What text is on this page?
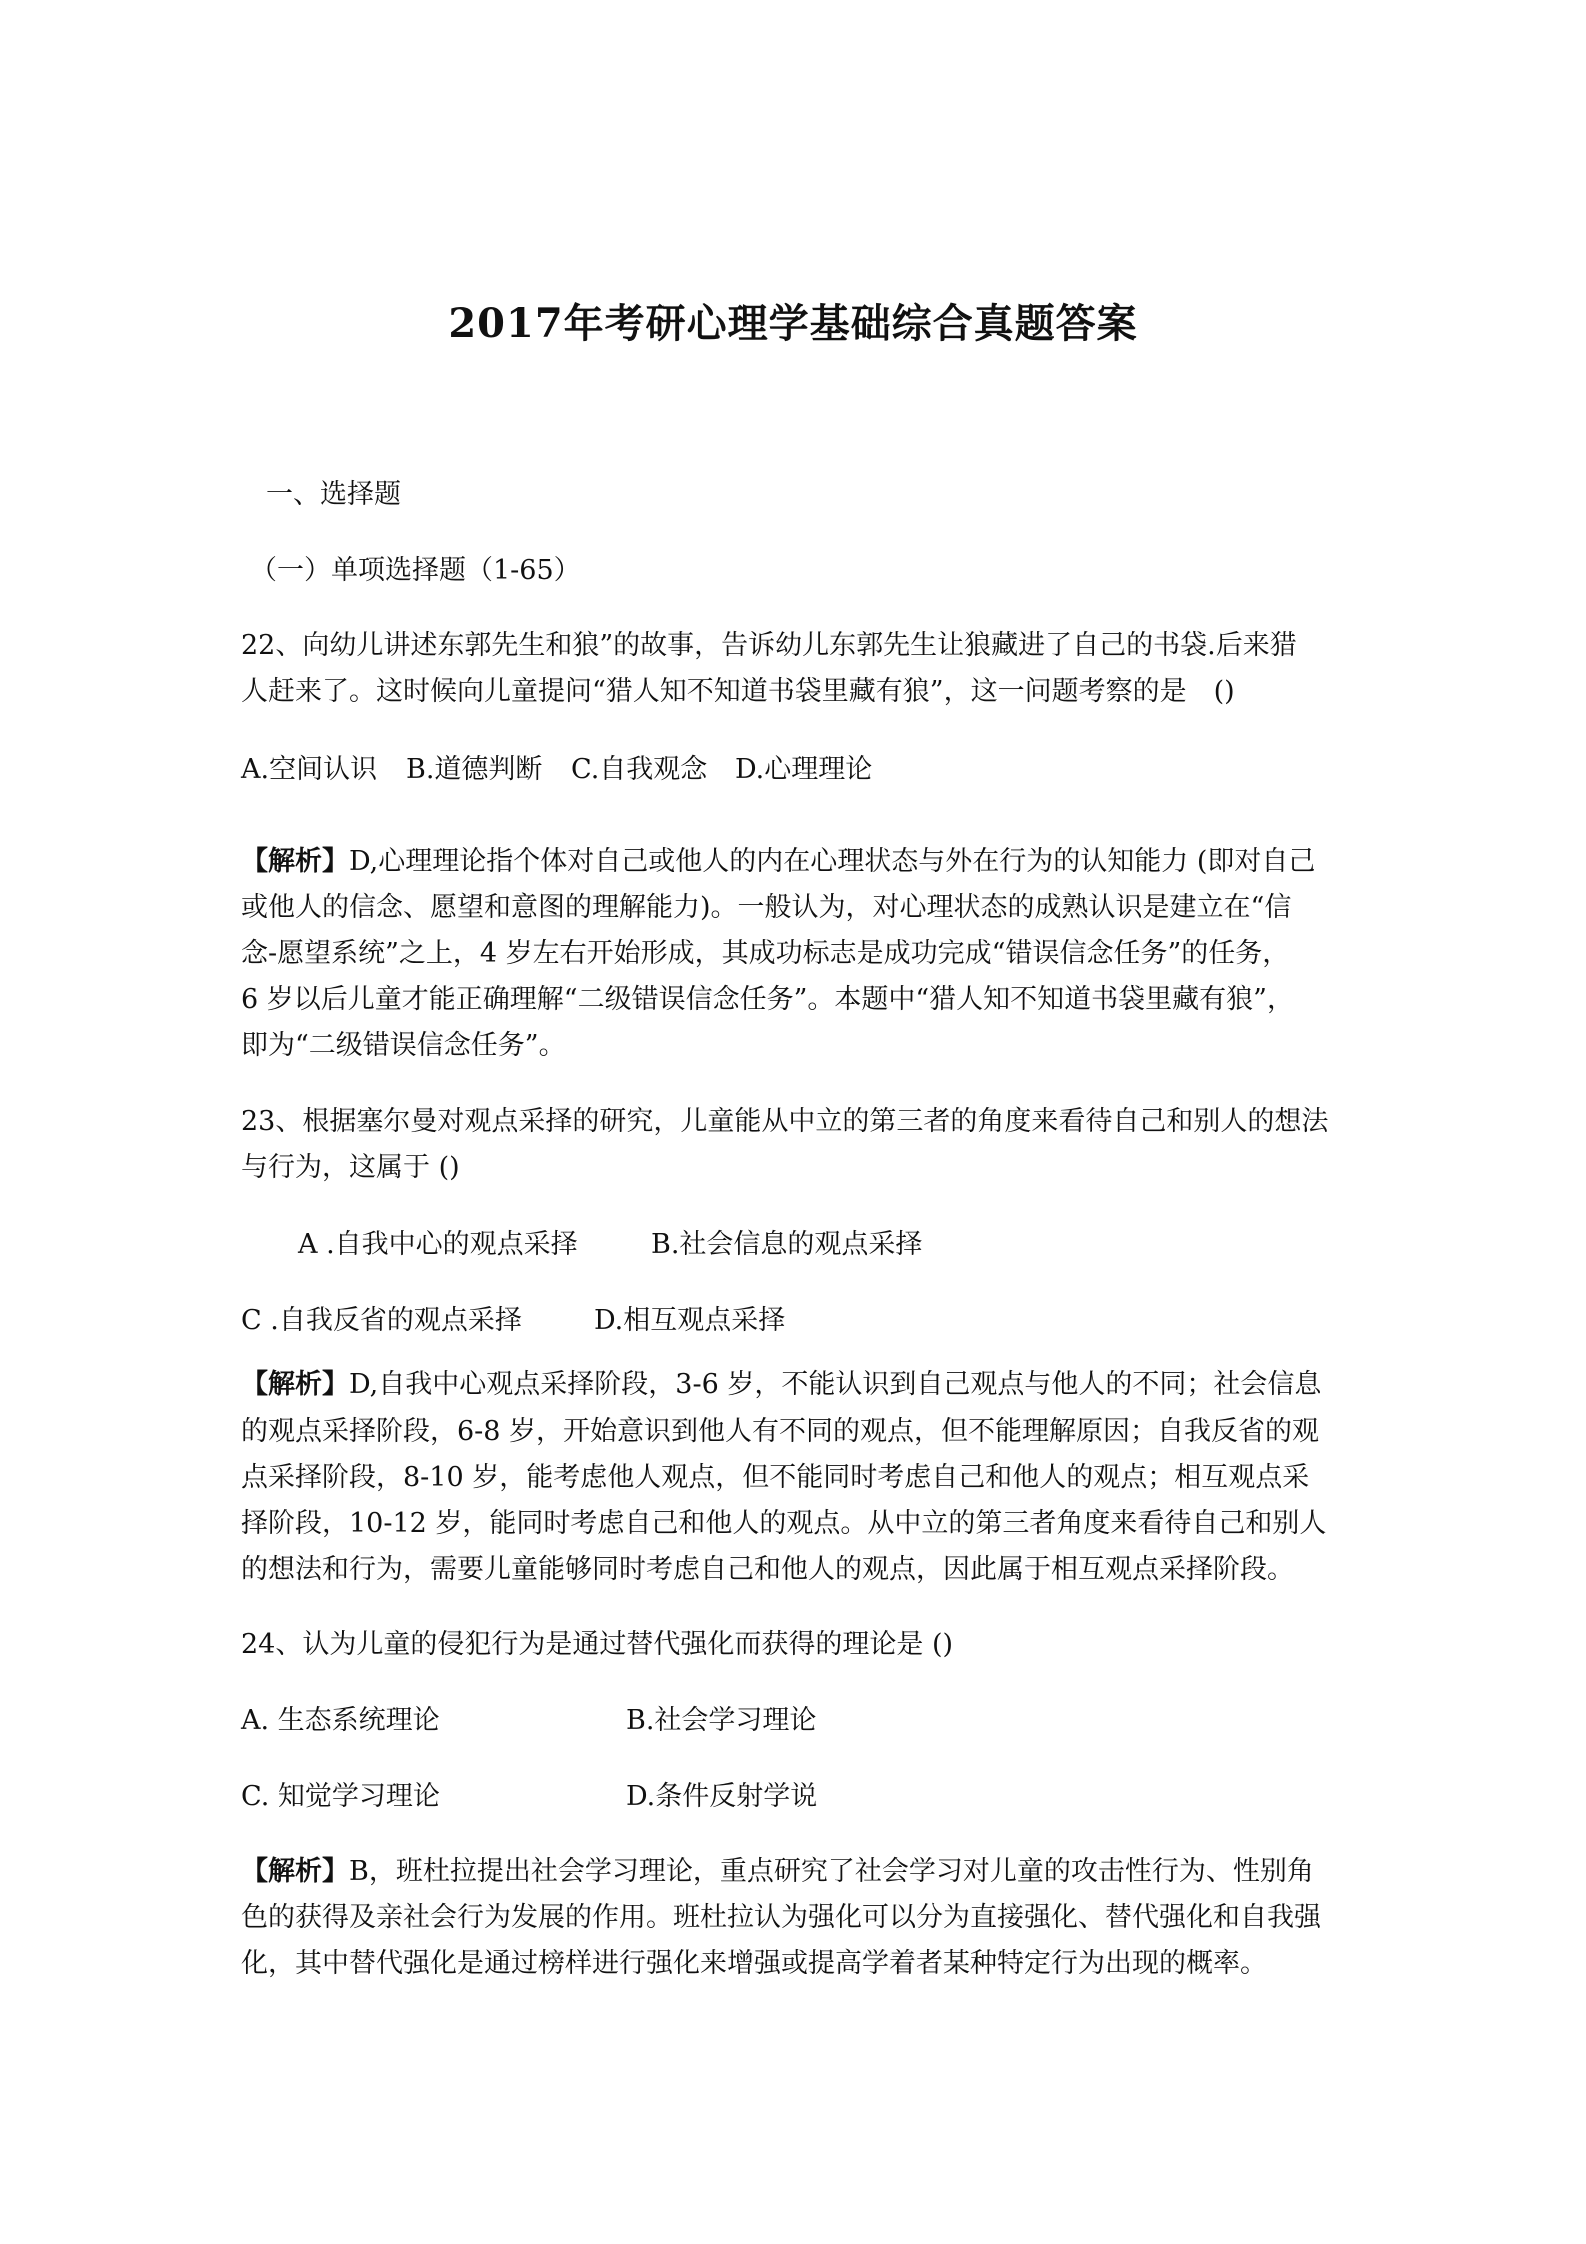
2017年考研心理学基础综合真题答案
一、选择题
（一）单项选择题（1-65）
22、向幼儿讲述东郭先生和狼”的故事，告诉幼儿东郭先生让狼藏进了自己的书袋.后来猎
人赶来了。这时候向儿童提问“猎人知不知道书袋里藏有狼”，这一问题考察的是　()
A.空间认识 B.道德判断 C.自我观念 D.心理理论
【解析】D,心理理论指个体对自己或他人的内在心理状态与外在行为的认知能力 (即对自己
或他人的信念、愿望和意图的理解能力)。一般认为，对心理状态的成熟认识是建立在“信
念-愿望系统”之上，4 岁左右开始形成，其成功标志是成功完成“错误信念任务”的任务，
6 岁以后儿童才能正确理解“二级错误信念任务”。本题中“猎人知不知道书袋里藏有狼”，
即为“二级错误信念任务”。
23、根据塞尔曼对观点采择的研究，儿童能从中立的第三者的角度来看待自己和别人的想法
与行为，这属于 ()
A .自我中心的观点采择	B.社会信息的观点采择
C .自我反省的观点采择	D.相互观点采择
【解析】D,自我中心观点采择阶段，3-6 岁，不能认识到自己观点与他人的不同；社会信息
的观点采择阶段，6-8 岁，开始意识到他人有不同的观点，但不能理解原因；自我反省的观
点采择阶段，8-10 岁，能考虑他人观点，但不能同时考虑自己和他人的观点；相互观点采
择阶段，10-12 岁，能同时考虑自己和他人的观点。从中立的第三者角度来看待自己和别人
的想法和行为，需要儿童能够同时考虑自己和他人的观点，因此属于相互观点采择阶段。
24、认为儿童的侵犯行为是通过替代强化而获得的理论是 ()
A. 生态系统理论	B.社会学习理论
C. 知觉学习理论	D.条件反射学说
【解析】B，班杜拉提出社会学习理论，重点研究了社会学习对儿童的攻击性行为、性别角
色的获得及亲社会行为发展的作用。班杜拉认为强化可以分为直接强化、替代强化和自我强
化，其中替代强化是通过榜样进行强化来增强或提高学着者某种特定行为出现的概率。
